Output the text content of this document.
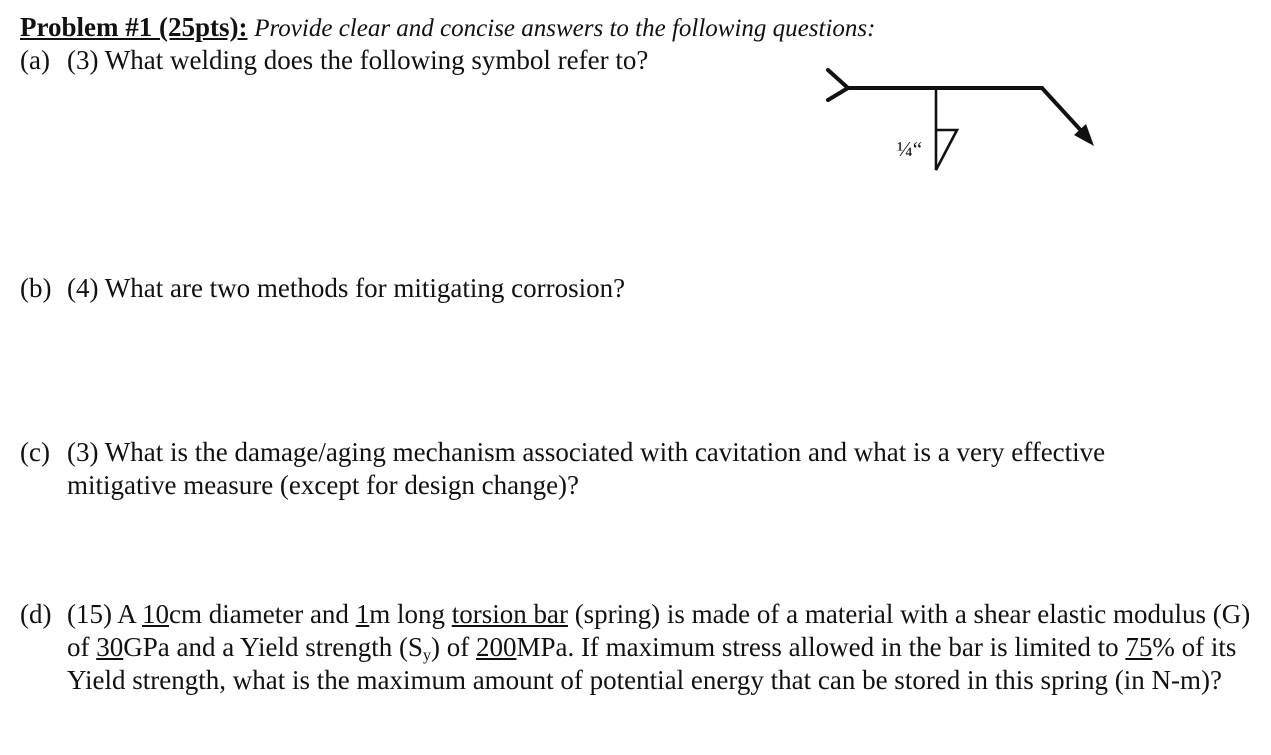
Problem #1 (25pts): Provide clear and concise answers to the following questions:
(a) (3) What welding does the following symbol refer to?
¼“
(b) (4) What are two methods for mitigating corrosion?
(c) (3) What is the damage/aging mechanism associated with cavitation and what is a very effective mitigative measure (except for design change)?
(d) (15) A 10cm diameter and 1m long torsion bar (spring) is made of a material with a shear elastic modulus (G) of 30GPa and a Yield strength $(S_y)$ of 200MPa. If maximum stress allowed in the bar is limited to 75% of its Yield strength, what is the maximum amount of potential energy that can be stored in this spring (in N-m)?
